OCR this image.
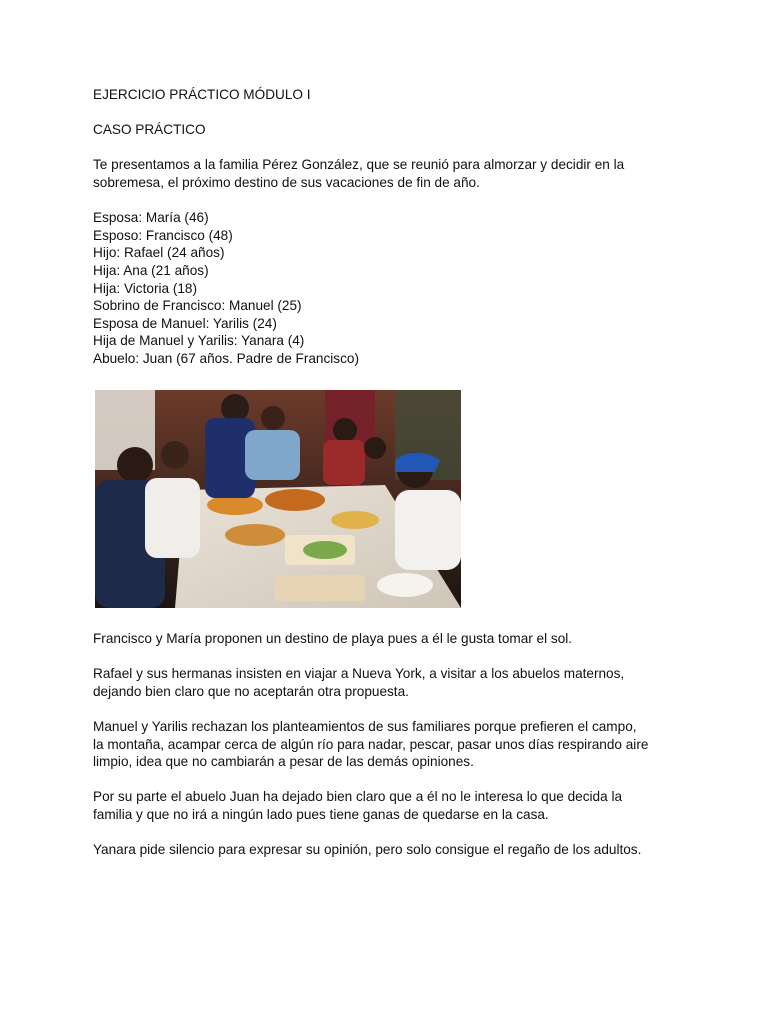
EJERCICIO PRÁCTICO MÓDULO I

CASO PRÁCTICO

Te presentamos a la familia Pérez González, que se reunió para almorzar y decidir en la
sobremesa, el próximo destino de sus vacaciones de fin de año.

Esposa: María (46)
Esposo: Francisco (48)
Hijo: Rafael (24 años)
Hija: Ana (21 años)
Hija: Victoria (18)
Sobrino de Francisco: Manuel (25)
Esposa de Manuel: Yarilis (24)
Hija de Manuel y Yarilis: Yanara (4)
Abuelo: Juan (67 años. Padre de Francisco)

Francisco y María proponen un destino de playa pues a él le gusta tomar el sol.

Rafael y sus hermanas insisten en viajar a Nueva York, a visitar a los abuelos maternos,
dejando bien claro que no aceptarán otra propuesta.

Manuel y Yarilis rechazan los planteamientos de sus familiares porque prefieren el campo,
la montaña, acampar cerca de algún río para nadar, pescar, pasar unos días respirando aire
limpio, idea que no cambiarán a pesar de las demás opiniones.

Por su parte el abuelo Juan ha dejado bien claro que a él no le interesa lo que decida la
familia y que no irá a ningún lado pues tiene ganas de quedarse en la casa.

Yanara pide silencio para expresar su opinión, pero solo consigue el regaño de los adultos.
